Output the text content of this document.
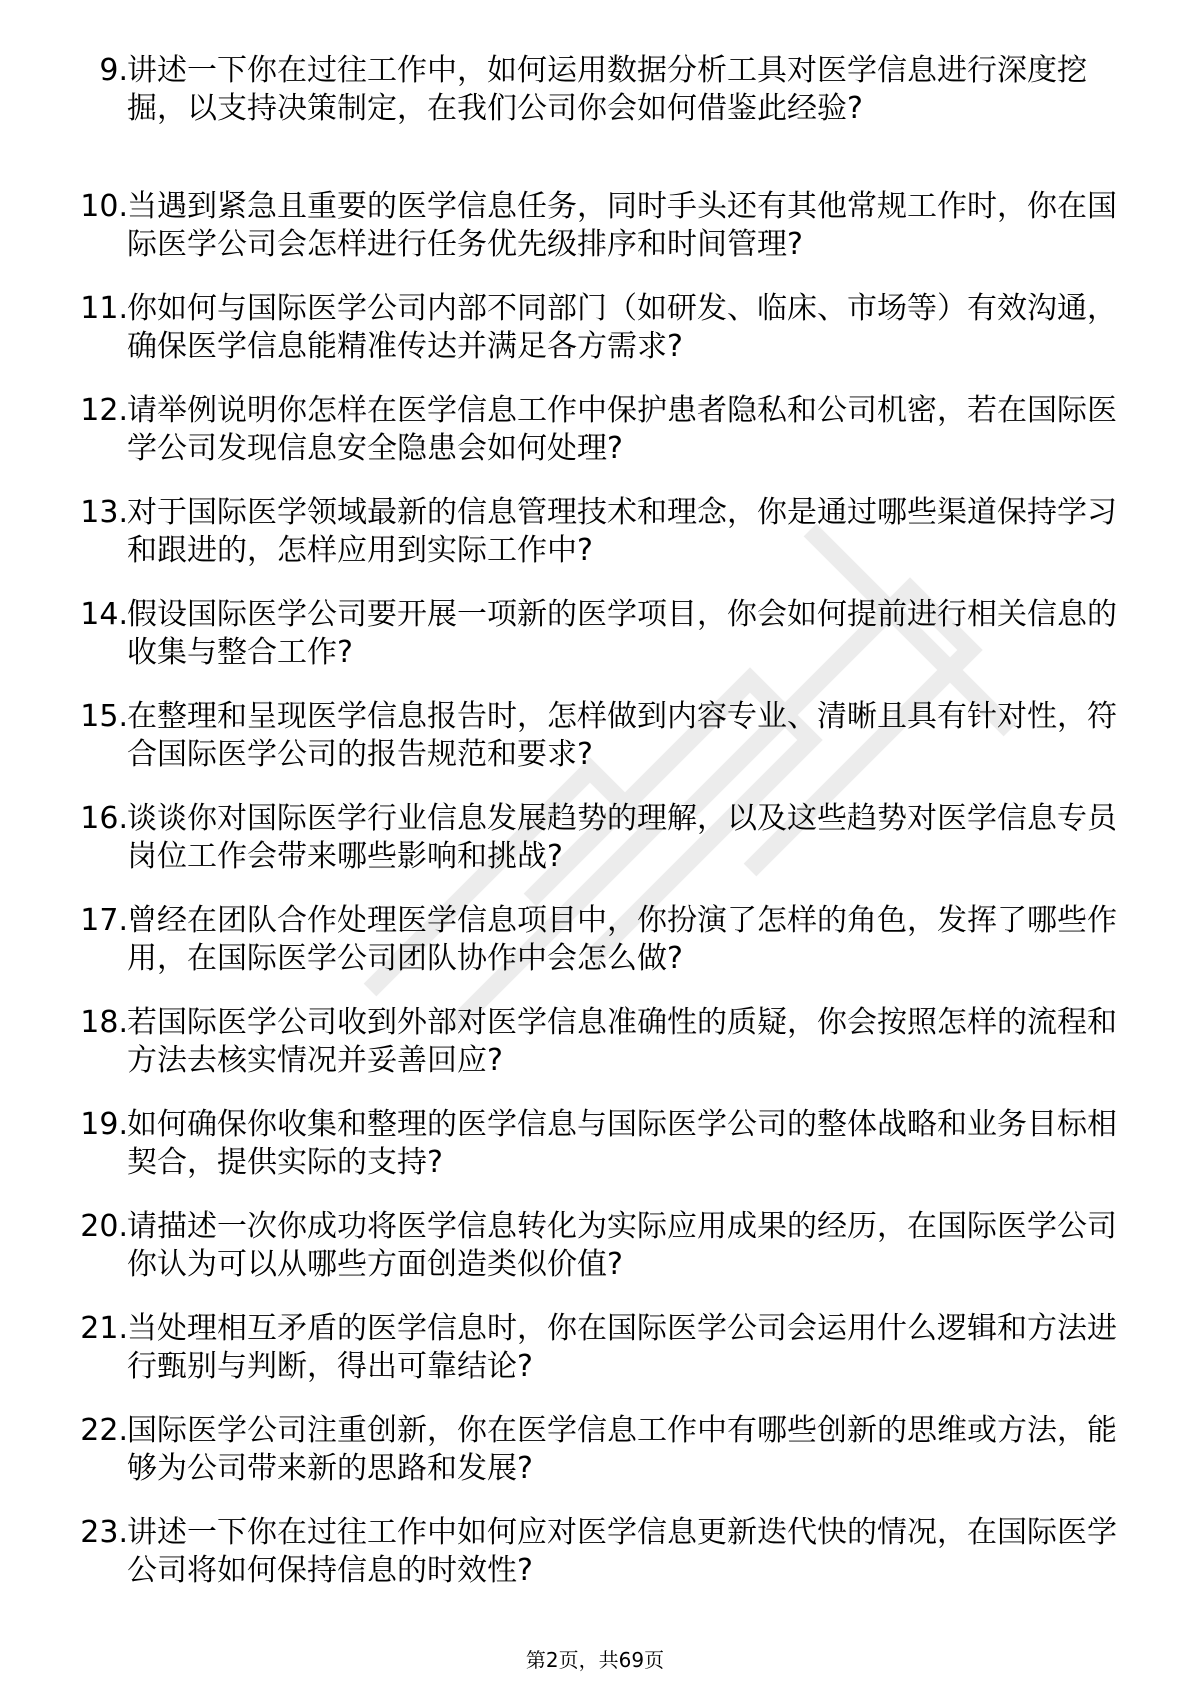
9. 讲述一下你在过往工作中，如何运用数据分析工具对医学信息进行深度挖掘，以支持决策制定，在我们公司你会如何借鉴此经验?
10. 当遇到紧急且重要的医学信息任务，同时手头还有其他常规工作时，你在国际医学公司会怎样进行任务优先级排序和时间管理?
11. 你如何与国际医学公司内部不同部门（如研发、临床、市场等）有效沟通，确保医学信息能精准传达并满足各方需求?
12. 请举例说明你怎样在医学信息工作中保护患者隐私和公司机密，若在国际医学公司发现信息安全隐患会如何处理?
13. 对于国际医学领域最新的信息管理技术和理念，你是通过哪些渠道保持学习和跟进的，怎样应用到实际工作中?
14. 假设国际医学公司要开展一项新的医学项目，你会如何提前进行相关信息的收集与整合工作?
15. 在整理和呈现医学信息报告时，怎样做到内容专业、清晰且具有针对性，符合国际医学公司的报告规范和要求?
16. 谈谈你对国际医学行业信息发展趋势的理解，以及这些趋势对医学信息专员岗位工作会带来哪些影响和挑战?
17. 曾经在团队合作处理医学信息项目中，你扮演了怎样的角色，发挥了哪些作用，在国际医学公司团队协作中会怎么做?
18. 若国际医学公司收到外部对医学信息准确性的质疑，你会按照怎样的流程和方法去核实情况并妥善回应?
19. 如何确保你收集和整理的医学信息与国际医学公司的整体战略和业务目标相契合，提供实际的支持?
20. 请描述一次你成功将医学信息转化为实际应用成果的经历，在国际医学公司你认为可以从哪些方面创造类似价值?
21. 当处理相互矛盾的医学信息时，你在国际医学公司会运用什么逻辑和方法进行甄别与判断，得出可靠结论?
22. 国际医学公司注重创新，你在医学信息工作中有哪些创新的思维或方法，能够为公司带来新的思路和发展?
23. 讲述一下你在过往工作中如何应对医学信息更新迭代快的情况，在国际医学公司将如何保持信息的时效性?
第2页，共69页
